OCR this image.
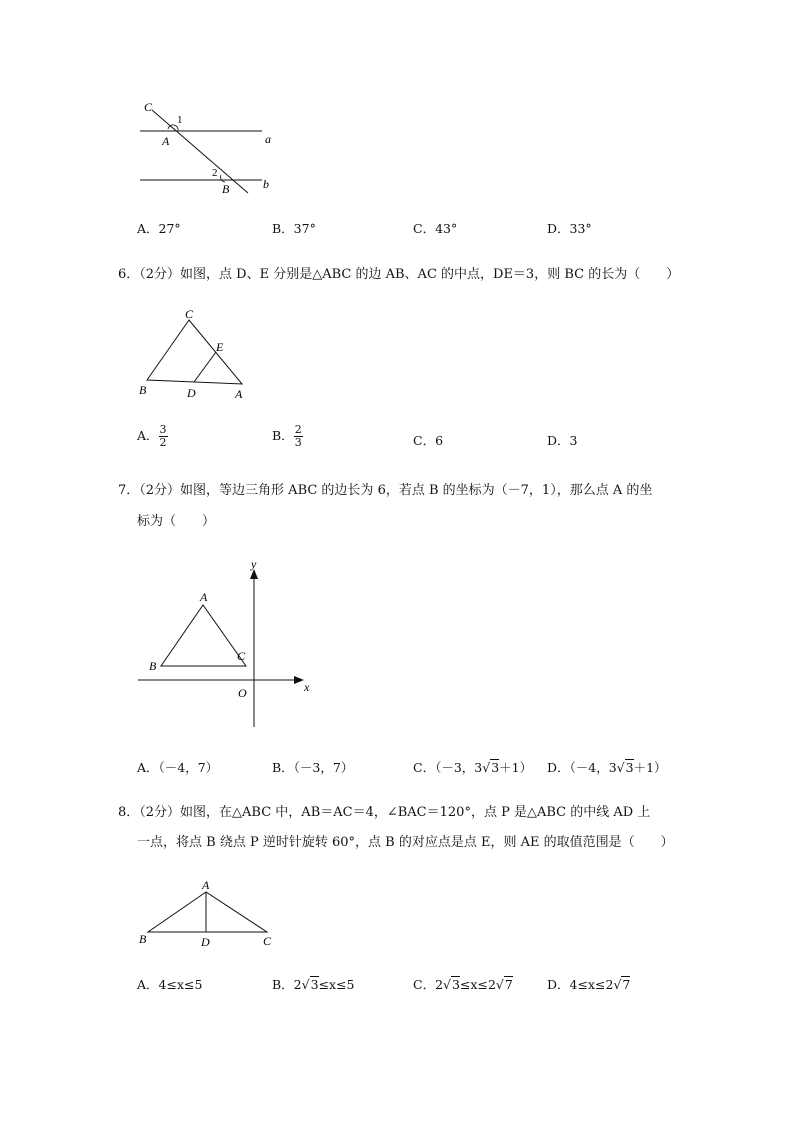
C
1
A	a
2
B	b
A．27°	B．37°	C．43°	D．33°
6．（2分）如图，点 D、E 分别是△ABC 的边 AB、AC 的中点，DE＝3，则 BC 的长为（　　）
C
E
B	D	A
A． $\frac{3}{2}$	B． $\frac{2}{3}$	C．6	D．3
7．（2分）如图，等边三角形 ABC 的边长为 6，若点 B 的坐标为（－7，1），那么点 A 的坐
标为（　　）
y
x
O
A
B
C
A．（－4，7）	B．（－3，7）	C．（－3，3√3＋1） D．（－4，3√3＋1）
8．（2分）如图，在△ABC 中，AB＝AC＝4，∠BAC＝120°，点 P 是△ABC 的中线 AD 上
一点，将点 B 绕点 P 逆时针旋转 60°，点 B 的对应点是点 E，则 AE 的取值范围是（　　）
A
B	D	C
A．4≤x≤5	B．2√3≤x≤5	C．2√3≤x≤2√7	D．4≤x≤2√7
